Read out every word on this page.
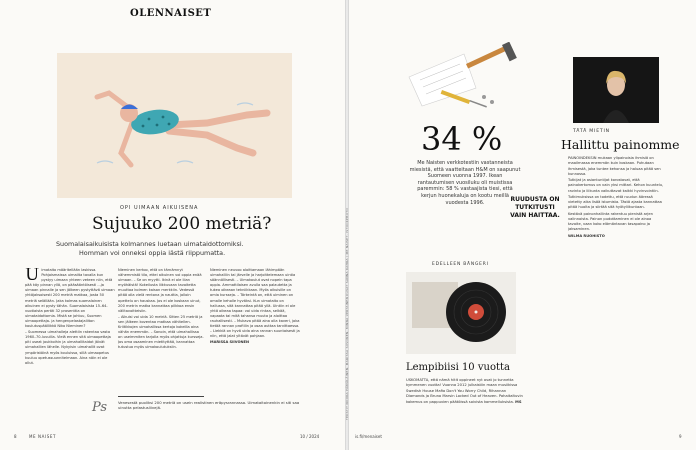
OLENNAISET
OPI UIMAAN AIKUISENA
Sujuuko 200 metriä?
Suomalaisaikuisista kolmannes luetaan uimataidottomiksi.
Homman voi onneksi oppia iästä riippumatta.
U imataito määritellään laskissa. Pohjoismaissa uimaiita tavalla kun pystyy uimaan yhteen veteen niin, että pää käy pinnan yllä, on pääsääntöisesti ...ja uimaan pinnalle ja sen jälkeen pystyttävä uimaan yhtäjaksoisesti 200 metriä matkaa, josta 50 metriä selällään. Jaka kolmas suomalainen aikuinen ei pysty tähän. Suomalaisista 15–64-vuotiaista peräti 32 prosenttia on uimataidottomia. Mistä se johtuu, Suomen uimaopettaja- ja hengenpelastajaliiton koulutuspäällikkö Niko Nieminen?

– Suomessa uimahalleja alettiin rakentaa vasta 1960–70-luvuilla. Vielä ennen sitä uimaopettaja piti useat joukkoihin ja uimahallitaidot jäivät uimahallien lähelle. Nykyisin uimahallit ovat ympäristöinä myös kouluissa, sillä uimaopetus kuuluu opetussuunnitelmaan. Aina näin ei ole ollut.

Nieminen kertoo, että on tärnämnyt vähemmistö tila, ettei aikuinen voi oppia enää uimaan. – Se on myytti. Ikinä ei ole liian myöhäistä! Kokeilusta liikkuvaan tavoitetta muuttaa kolmen kaisan merkkiin. Vedessä pitää olla vielä rentona ja nauttia, jolloin opettelu on hauskaa. Jos ei ole koskaan uinut, 200 metrin matka kannattaa pilkkoa ensin välitavoitteisiin.

– Aikuisi voi uida 10 metriä. Sitten 25 metriä ja sen jälkeen koventaa matkaa vähitellen. Kriitikkojen uimahallissa kertoja kokeilla aina vähän enemmän. – Sanoin, että uimahallissa on useimmiten tarjolla myös ohjattuja kursseja. Jos oma osaaminen mietityttää, kannattaa tutustua myös uimakoulutuksiin.

Nieminen neuvoo aloittamaan lähimpään uimahalliin tai järvelle ja harjoittelemaan uintia säännöllisesti. – Uimakoulut ovat nopein tapa oppia. Ammattilaisen avulla saa palautetta ja tukea oikeaan tekniikkaan. Myös aikuisille on omia kursseja. – Tärkeintä on, että uiminen on omalle keholle hyväksi. Kun uimataito on hallussa, sitä kannattaa pitää yllä. Uintiin ei ole yhtä oikeaa tapaa: voi uida rintaa, selkää, vapaata tai mitä tahansa muuta ja aloittaa rauhallisesti. – Mukava pitää aina olla kaveri, joka tietää rannan profiilin ja osaa auttaa tarvittaessa. – Liekkiä on hyvä uida aina rannan suuntaisesti ja niin, että jalat yltävät pohjaan.

MARISSA SIIVONEN

Ps	Venesestä puoliksi 200 metriä on usein realistinen eräpysrannassa. Uimataitoinenkin ei siti saa uinutta pelastusliivejä.
8	ME NAISET	10 / 2024
TEKSTIT NOORA HÄMÄLÄINEN, MARISSA SIIVONEN, MINNA VERTAINEN KUVAT SANNA KAHRA / ME NAISET, ISTOCKPHOTO
34 %
Me Naisten verkkotestiin vastanneista miesistä, että vaatteitaan H&M on saapunut Suomeen vuonna 1997. Ikean rantautumisen vuosiluku oli muistissa paremmin: 58 % vastaajista tiesi, että kerjun huonekaluja on kootu meillä vuodesta 1996.
EDELLEEN BÄNGERI
Lempibiisi 10 vuotta
USKOMATTA, että nämä hitit oppineet nyt ovat jo tunnetta kymmenen vuotta! Vuonna 2012 julkaistiin maan musiikissa Swedish House Mafia Don't You Worry Child, Rihannan Diamonds ja Bruno Marsin Locked Out of Heaven. Pahaitaltuvin kokemus on pappuvien päätöissä soivista kommelluksista. MS
TÄTÄ MIETIN
Hallittu painomme
RUUDUSTA ON TUTKITUSTI VAIN HAITTAA.

PAINOINDEKSIN mukaan ylipainoisia ihmisiä on maailmassa enemmän kuin koskaan. Puhutaan ihmisestä, joka tuntee kehonsa ja haluaa pitää sen kunnossa.

Tutkijat ja asiantuntijat korostavat, että painokertomus on vain yksi mittari. Kehon kuuntelu, ravinto ja liikunta vaikuttavat kaikki hyvinvointiin.

Tutkimuksissa on todettu, että ruudun ääressä vietetty aika lisää istumista. Tästä ajasta kannattaa pitää huolta ja siirtää sitä hyötyliikuntaan.

Kestävä painonhallinta rakentuu pienistä arjen valinnoista. Painon pudottaminen ei ole ainoa tavoite, vaan koko elämäntavan tasapaino ja jaksaminen.

WILMA RUOHISTO

is.fi/menaiset	9
